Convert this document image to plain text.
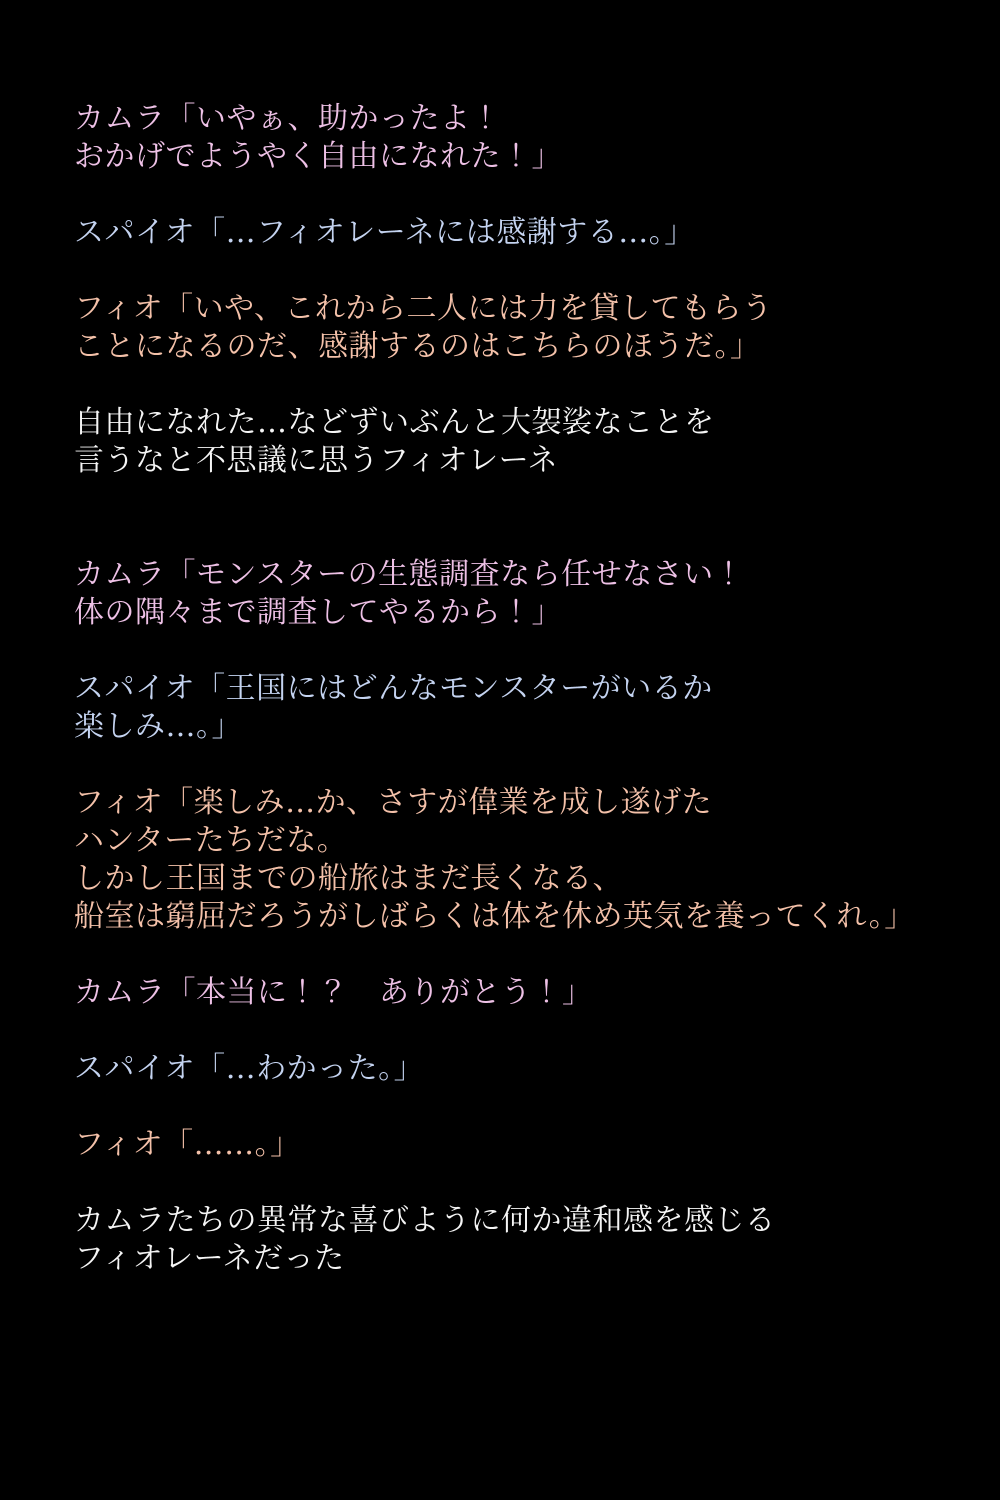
カムラ「いやぁ、助かったよ！
おかげでようやく自由になれた！」
スパイオ「…フィオレーネには感謝する…。」
フィオ「いや、これから二人には力を貸してもらう
ことになるのだ、感謝するのはこちらのほうだ。」
自由になれた…などずいぶんと大袈裟なことを
言うなと不思議に思うフィオレーネ
カムラ「モンスターの生態調査なら任せなさい！
体の隅々まで調査してやるから！」
スパイオ「王国にはどんなモンスターがいるか
楽しみ…。」
フィオ「楽しみ…か、さすが偉業を成し遂げた
ハンターたちだな。
しかし王国までの船旅はまだ長くなる、
船室は窮屈だろうがしばらくは体を休め英気を養ってくれ。」
カムラ「本当に！？　ありがとう！」
スパイオ「…わかった。」
フィオ「……。」
カムラたちの異常な喜びように何か違和感を感じる
フィオレーネだった
